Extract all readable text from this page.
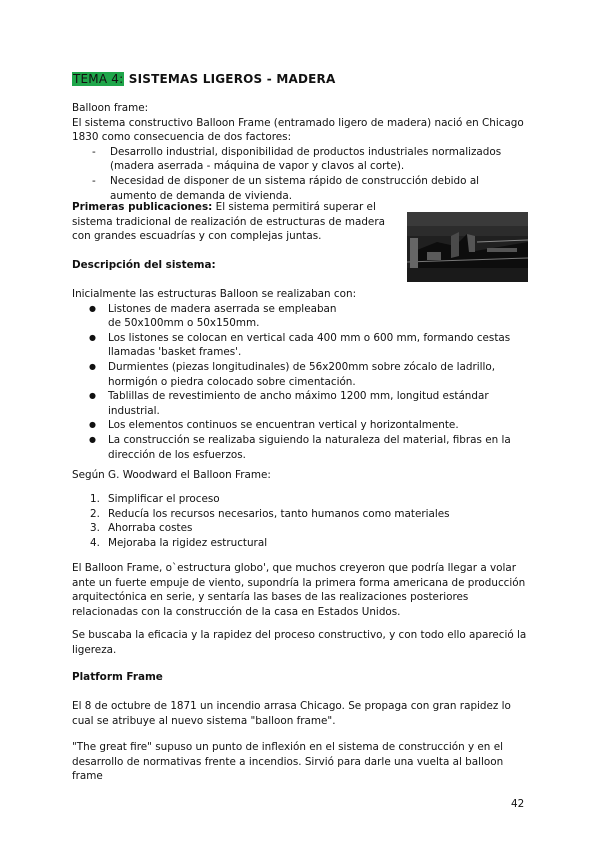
TEMA 4: SISTEMAS LIGEROS - MADERA

Balloon frame:

El sistema constructivo Balloon Frame (entramado ligero de madera) nació en Chicago 1830 como consecuencia de dos factores:

- Desarrollo industrial, disponibilidad de productos industriales normalizados (madera aserrada - máquina de vapor y clavos al corte).
- Necesidad de disponer de un sistema rápido de construcción debido al aumento de demanda de vivienda.

Primeras publicaciones: El sistema permitirá superar el sistema tradicional de realización de estructuras de madera con grandes escuadrías y con complejas juntas.

Descripción del sistema:

Inicialmente las estructuras Balloon se realizaban con:

● Listones de madera aserrada se empleaban de 50x100mm o 50x150mm.
● Los listones se colocan en vertical cada 400 mm o 600 mm, formando cestas llamadas 'basket frames'.
● Durmientes (piezas longitudinales) de 56x200mm sobre zócalo de ladrillo, hormigón o piedra colocado sobre cimentación.
● Tablillas de revestimiento de ancho máximo 1200 mm, longitud estándar industrial.
● Los elementos continuos se encuentran vertical y horizontalmente.
● La construcción se realizaba siguiendo la naturaleza del material, fibras en la dirección de los esfuerzos.

Según G. Woodward el Balloon Frame:

1. Simplificar el proceso
2. Reducía los recursos necesarios, tanto humanos como materiales
3. Ahorraba costes
4. Mejoraba la rigidez estructural

El Balloon Frame, o`estructura globo', que muchos creyeron que podría llegar a volar ante un fuerte empuje de viento, supondría la primera forma americana de producción arquitectónica en serie, y sentaría las bases de las realizaciones posteriores relacionadas con la construcción de la casa en Estados Unidos.

Se buscaba la eficacia y la rapidez del proceso constructivo, y con todo ello apareció la ligereza.

Platform Frame

El 8 de octubre de 1871 un incendio arrasa Chicago. Se propaga con gran rapidez lo cual se atribuye al nuevo sistema "balloon frame".

"The great fire" supuso un punto de inflexión en el sistema de construcción y en el desarrollo de normativas frente a incendios. Sirvió para darle una vuelta al balloon frame

42
